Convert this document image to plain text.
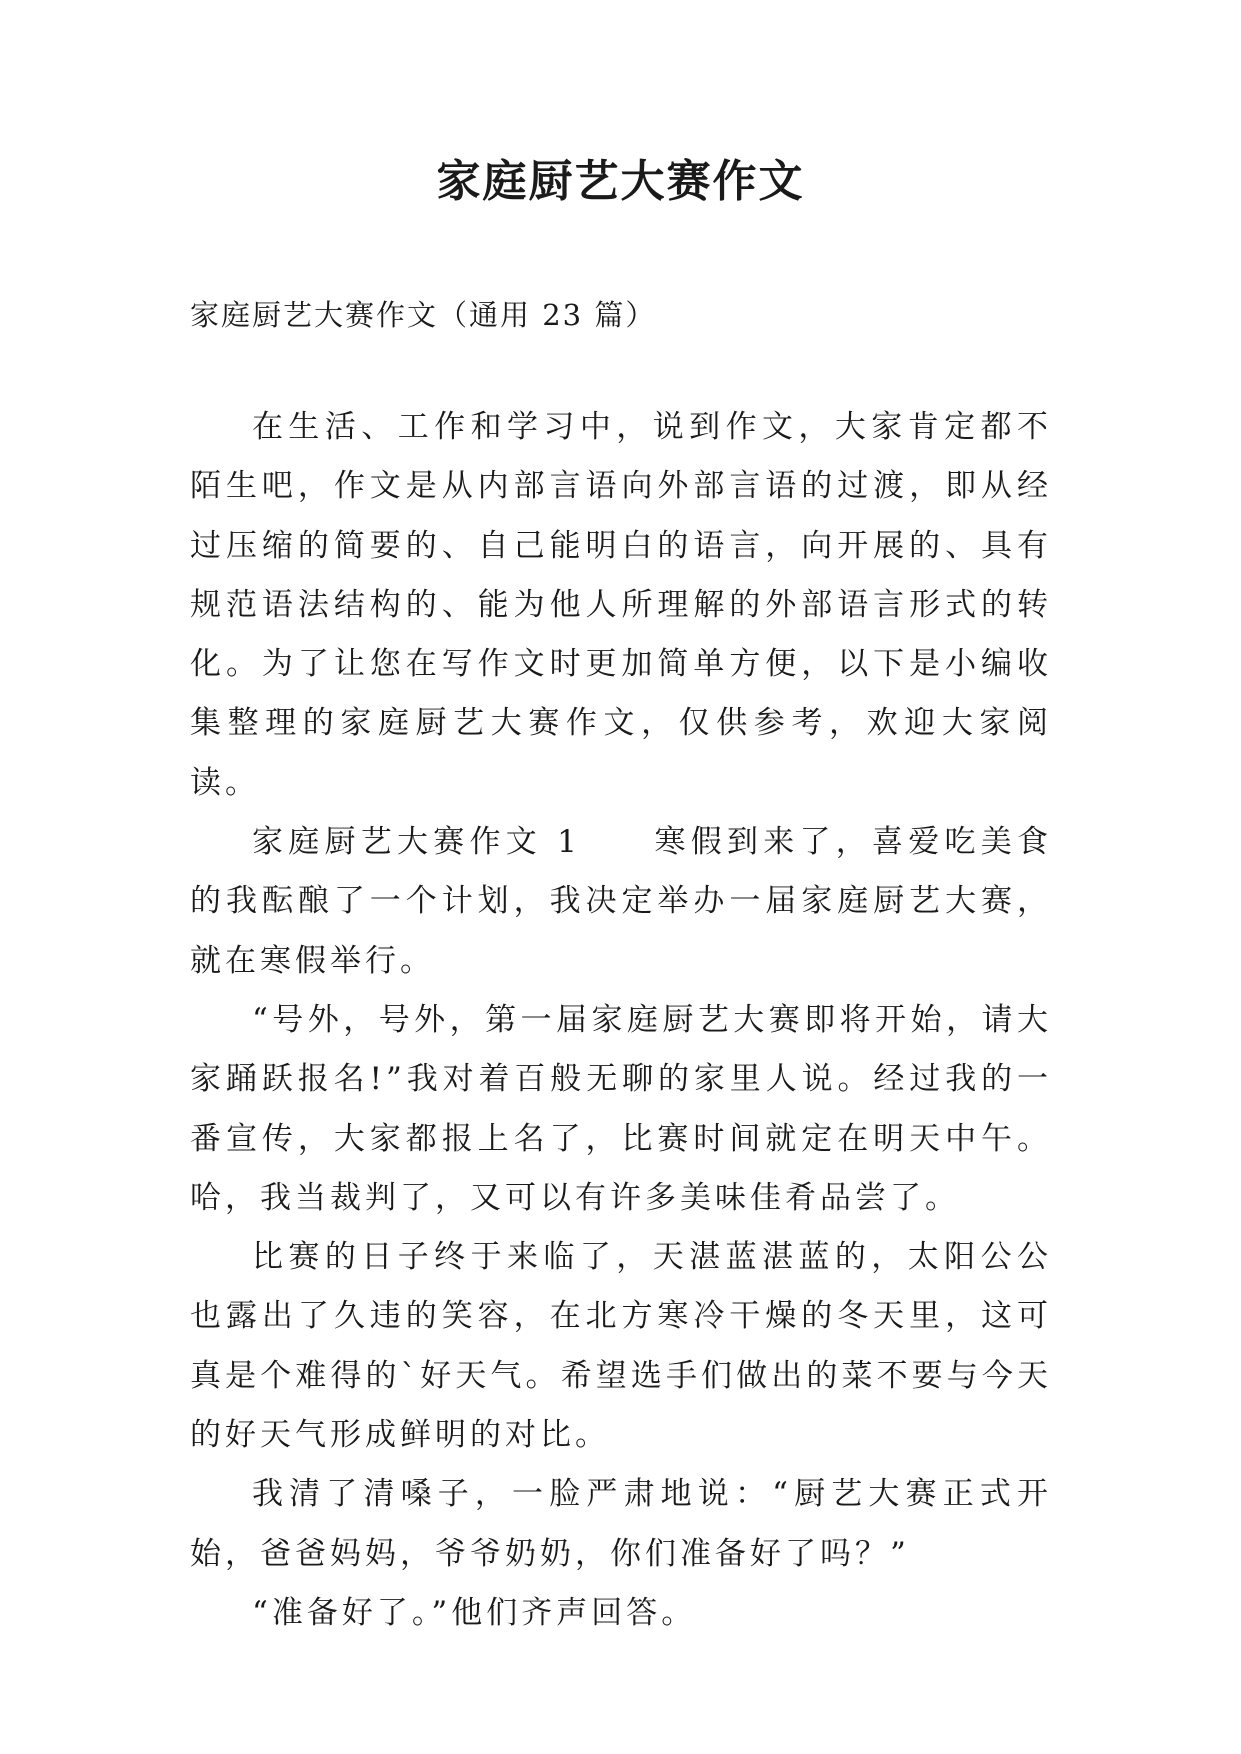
家庭厨艺大赛作文

家庭厨艺大赛作文（通用 23 篇）

在生活、工作和学习中，说到作文，大家肯定都不陌生吧，作文是从内部言语向外部言语的过渡，即从经过压缩的简要的、自己能明白的语言，向开展的、具有规范语法结构的、能为他人所理解的外部语言形式的转化。为了让您在写作文时更加简单方便，以下是小编收集整理的家庭厨艺大赛作文，仅供参考，欢迎大家阅读。

家庭厨艺大赛作文 1　　寒假到来了，喜爱吃美食的我酝酿了一个计划，我决定举办一届家庭厨艺大赛，就在寒假举行。

“号外，号外，第一届家庭厨艺大赛即将开始，请大家踊跃报名!”我对着百般无聊的家里人说。经过我的一番宣传，大家都报上名了，比赛时间就定在明天中午。哈，我当裁判了，又可以有许多美味佳肴品尝了。

比赛的日子终于来临了，天湛蓝湛蓝的，太阳公公也露出了久违的笑容，在北方寒冷干燥的冬天里，这可真是个难得的`好天气。希望选手们做出的菜不要与今天的好天气形成鲜明的对比。

我清了清嗓子，一脸严肃地说：“厨艺大赛正式开始，爸爸妈妈，爷爷奶奶，你们准备好了吗？”

“准备好了。”他们齐声回答。
